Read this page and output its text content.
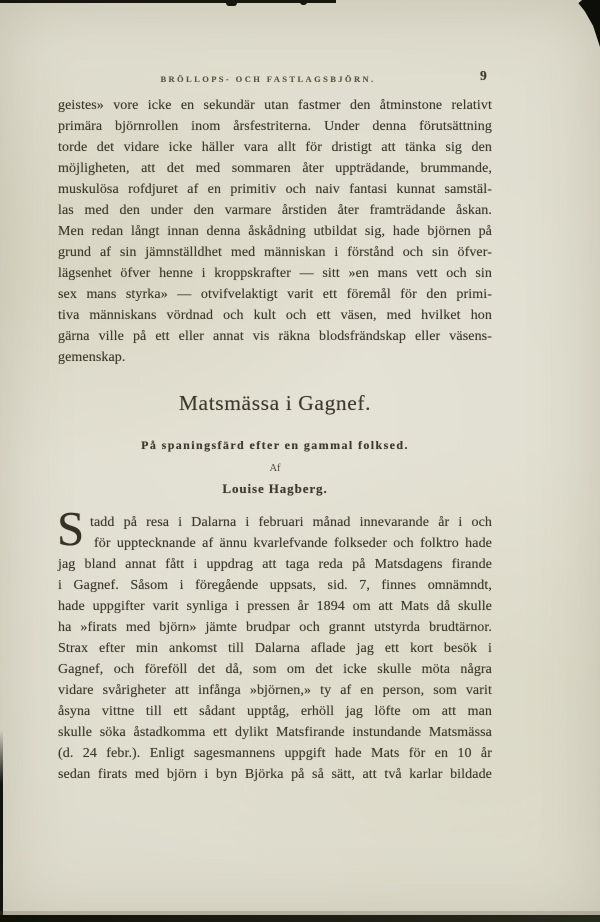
BRÖLLOPS- OCH FASTLAGSBJÖRN.	9
geistes» vore icke en sekundär utan fastmer den åtminstone relativt
primära björnrollen inom årsfestriterna. Under denna förutsättning
torde det vidare icke häller vara allt för dristigt att tänka sig den
möjligheten, att det med sommaren åter uppträdande, brummande,
muskulösa rofdjuret af en primitiv och naiv fantasi kunnat samstäl-
las med den under den varmare årstiden åter framträdande åskan.
Men redan långt innan denna åskådning utbildat sig, hade björnen på
grund af sin jämnställdhet med människan i förstånd och sin öfver-
lägsenhet öfver henne i kroppskrafter — sitt »en mans vett och sin
sex mans styrka» — otvifvelaktigt varit ett föremål för den primi-
tiva människans vördnad och kult och ett väsen, med hvilket hon
gärna ville på ett eller annat vis räkna blodsfrändskap eller väsens-
gemenskap.
Matsmässa i Gagnef.
På spaningsfärd efter en gammal folksed.
Af
Louise Hagberg.
S tadd på resa i Dalarna i februari månad innevarande år i och
för upptecknande af ännu kvarlefvande folkseder och folktro hade
jag bland annat fått i uppdrag att taga reda på Matsdagens firande
i Gagnef. Såsom i föregående uppsats, sid. 7, finnes omnämndt,
hade uppgifter varit synliga i pressen år 1894 om att Mats då skulle
ha »firats med björn» jämte brudpar och grannt utstyrda brudtärnor.
Strax efter min ankomst till Dalarna aflade jag ett kort besök i
Gagnef, och föreföll det då, som om det icke skulle möta några
vidare svårigheter att infånga »björnen,» ty af en person, som varit
åsyna vittne till ett sådant upptåg, erhöll jag löfte om att man
skulle söka åstadkomma ett dylikt Matsfirande instundande Matsmässa
(d. 24 febr.). Enligt sagesmannens uppgift hade Mats för en 10 år
sedan firats med björn i byn Björka på så sätt, att två karlar bildade
